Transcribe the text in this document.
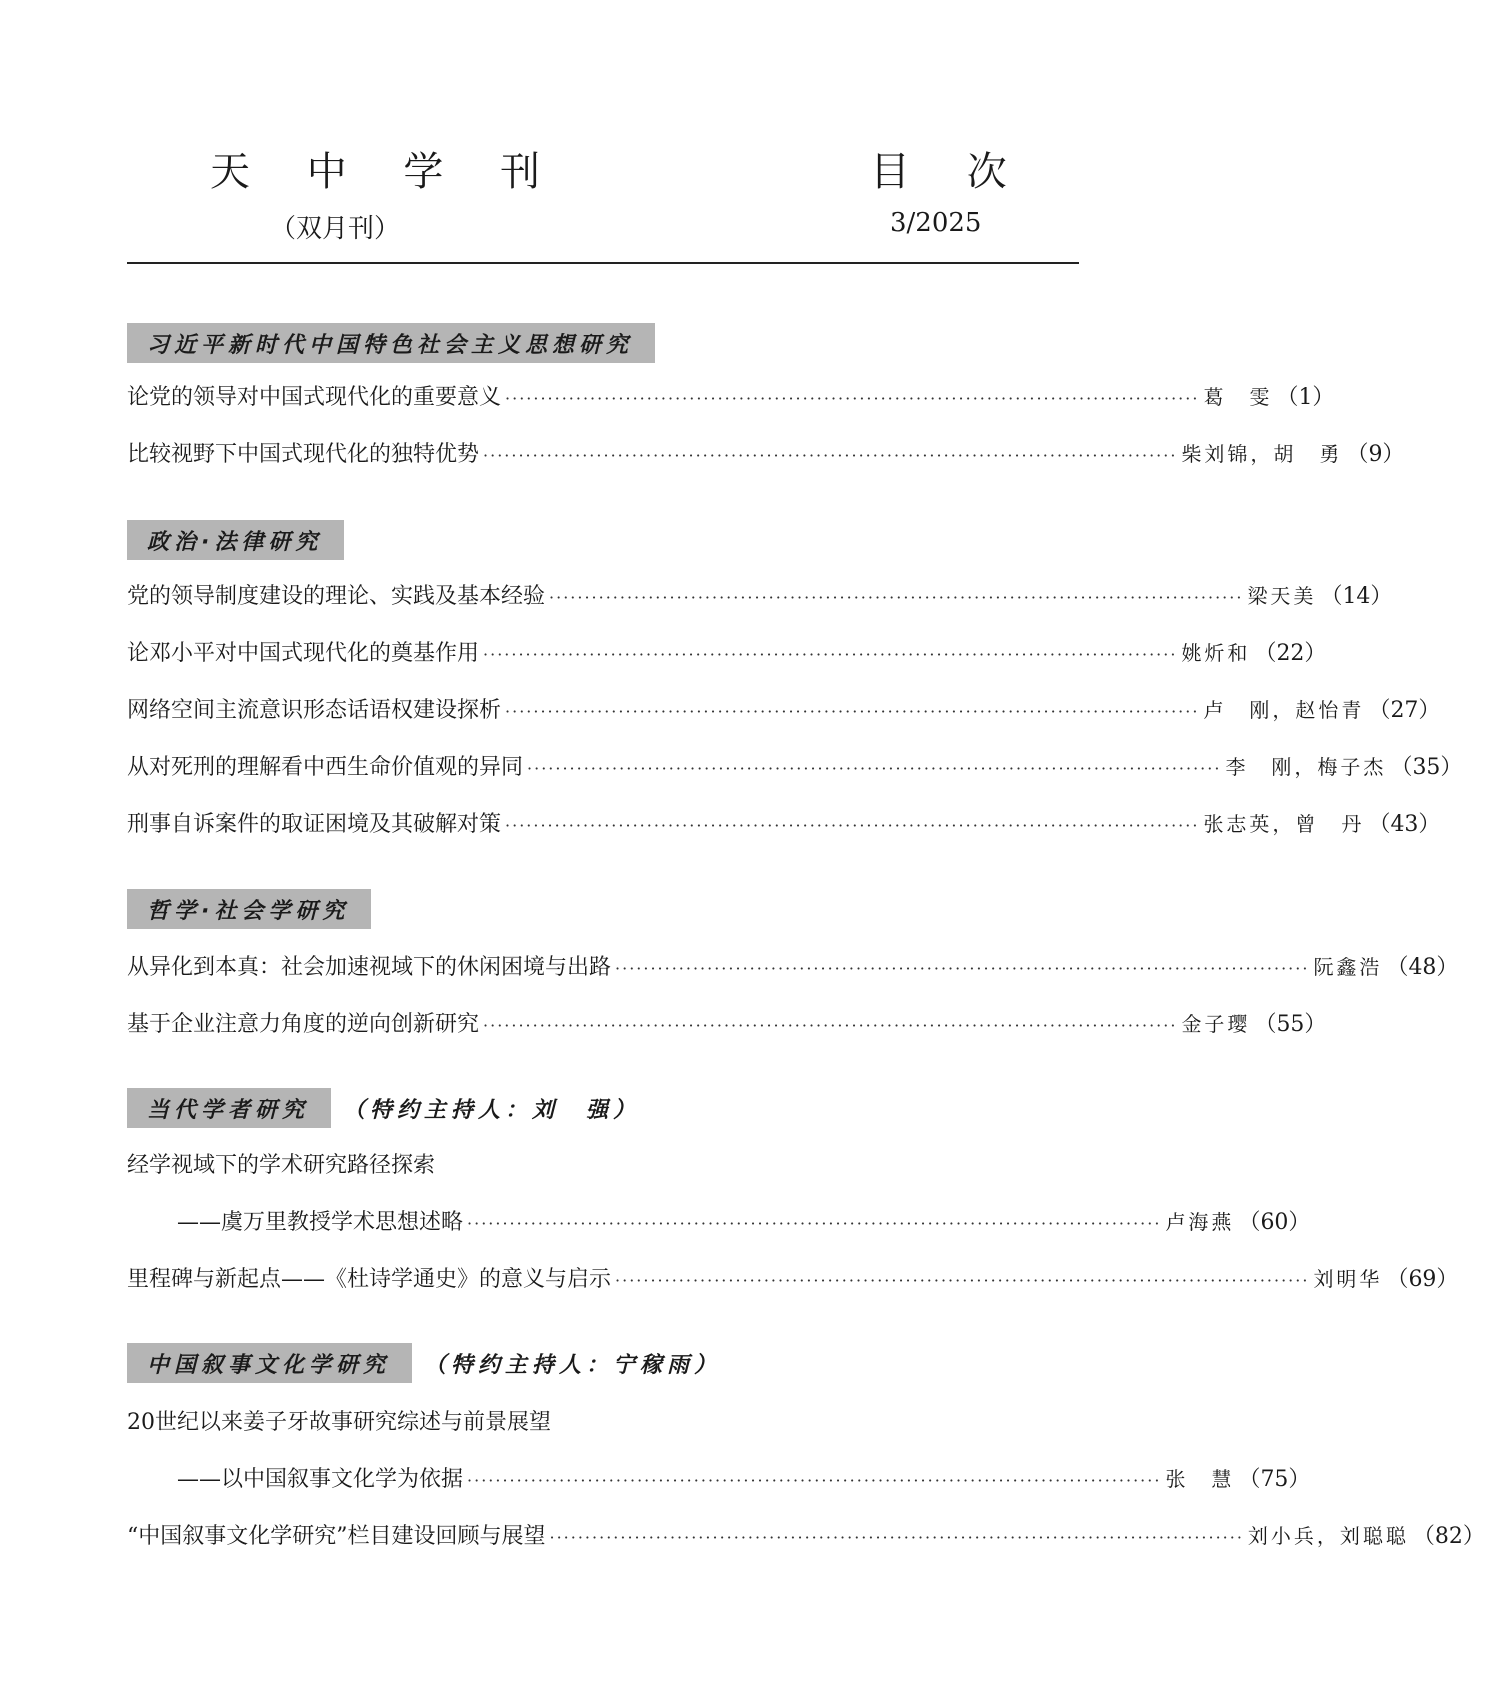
天 中 学 刊
（双月刊）
目 次
3/2025
习近平新时代中国特色社会主义思想研究
论党的领导对中国式现代化的重要意义 ·································································································· 葛　雯 （1）
比较视野下中国式现代化的独特优势 ·································································································· 柴刘锦，胡　勇 （9）
政治·法律研究
党的领导制度建设的理论、实践及基本经验 ·································································································· 梁天美 （14）
论邓小平对中国式现代化的奠基作用 ·································································································· 姚炘和 （22）
网络空间主流意识形态话语权建设探析 ·································································································· 卢　刚，赵怡青 （27）
从对死刑的理解看中西生命价值观的异同 ·································································································· 李　刚，梅子杰 （35）
刑事自诉案件的取证困境及其破解对策 ·································································································· 张志英，曾　丹 （43）
哲学·社会学研究
从异化到本真：社会加速视域下的休闲困境与出路 ·································································································· 阮鑫浩 （48）
基于企业注意力角度的逆向创新研究 ·································································································· 金子璎 （55）
当代学者研究	（特约主持人：刘　强）
经学视域下的学术研究路径探索
——虞万里教授学术思想述略 ·································································································· 卢海燕 （60）
里程碑与新起点——《杜诗学通史》的意义与启示 ·································································································· 刘明华 （69）
中国叙事文化学研究	（特约主持人：宁稼雨）
20世纪以来姜子牙故事研究综述与前景展望
——以中国叙事文化学为依据 ·································································································· 张　慧 （75）
“中国叙事文化学研究”栏目建设回顾与展望 ·································································································· 刘小兵，刘聪聪 （82）
